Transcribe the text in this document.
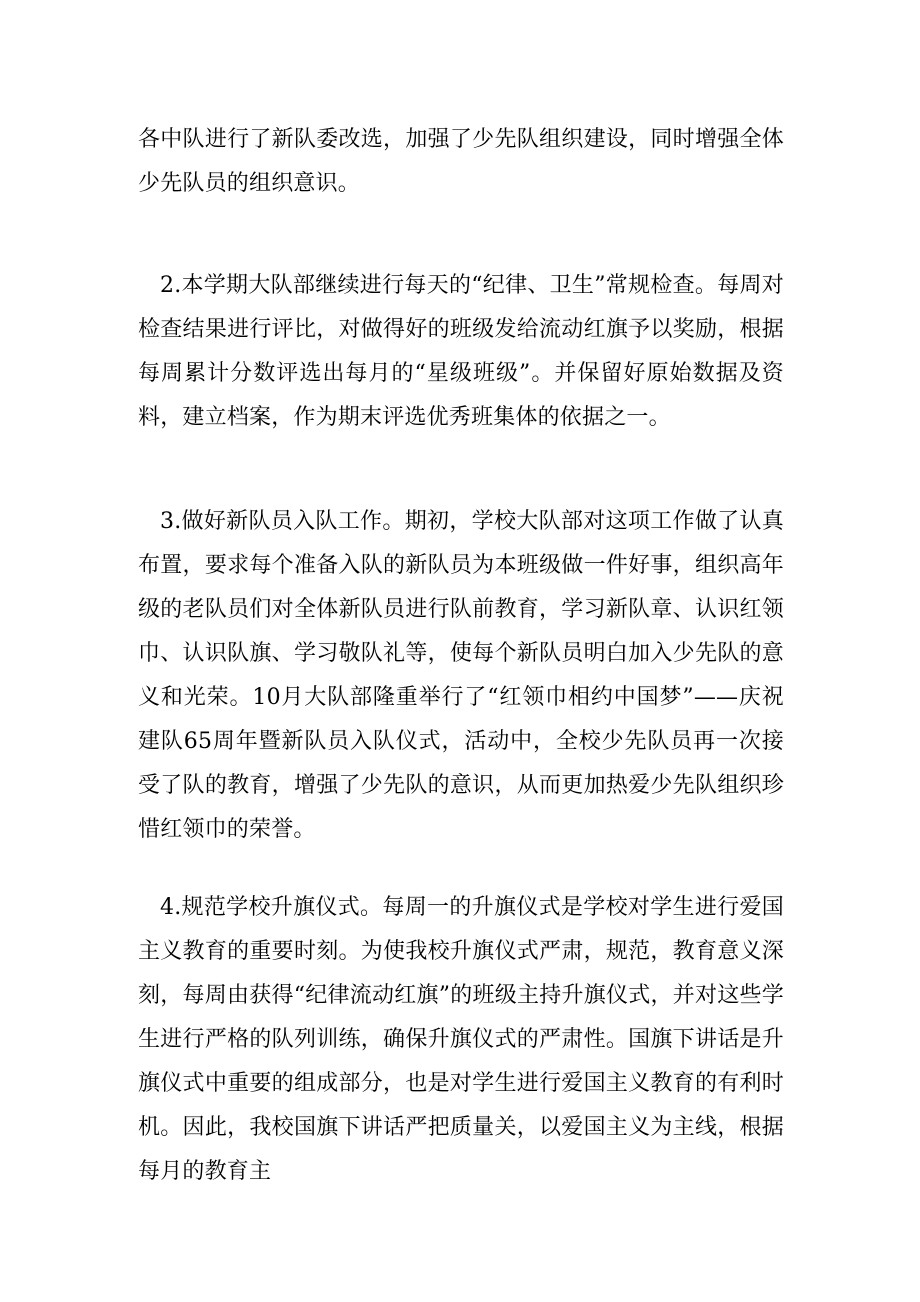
各中队进行了新队委改选，加强了少先队组织建设，同时增强全体少先队员的组织意识。

2.本学期大队部继续进行每天的“纪律、卫生”常规检查。每周对检查结果进行评比，对做得好的班级发给流动红旗予以奖励，根据每周累计分数评选出每月的“星级班级”。并保留好原始数据及资料，建立档案，作为期末评选优秀班集体的依据之一。

3.做好新队员入队工作。期初，学校大队部对这项工作做了认真布置，要求每个准备入队的新队员为本班级做一件好事，组织高年级的老队员们对全体新队员进行队前教育，学习新队章、认识红领巾、认识队旗、学习敬队礼等，使每个新队员明白加入少先队的意义和光荣。10月大队部隆重举行了“红领巾相约中国梦”——庆祝建队65周年暨新队员入队仪式，活动中，全校少先队员再一次接受了队的教育，增强了少先队的意识，从而更加热爱少先队组织珍惜红领巾的荣誉。

4.规范学校升旗仪式。每周一的升旗仪式是学校对学生进行爱国主义教育的重要时刻。为使我校升旗仪式严肃，规范，教育意义深刻，每周由获得“纪律流动红旗”的班级主持升旗仪式，并对这些学生进行严格的队列训练，确保升旗仪式的严肃性。国旗下讲话是升旗仪式中重要的组成部分，也是对学生进行爱国主义教育的有利时机。因此，我校国旗下讲话严把质量关，以爱国主义为主线，根据每月的教育主
